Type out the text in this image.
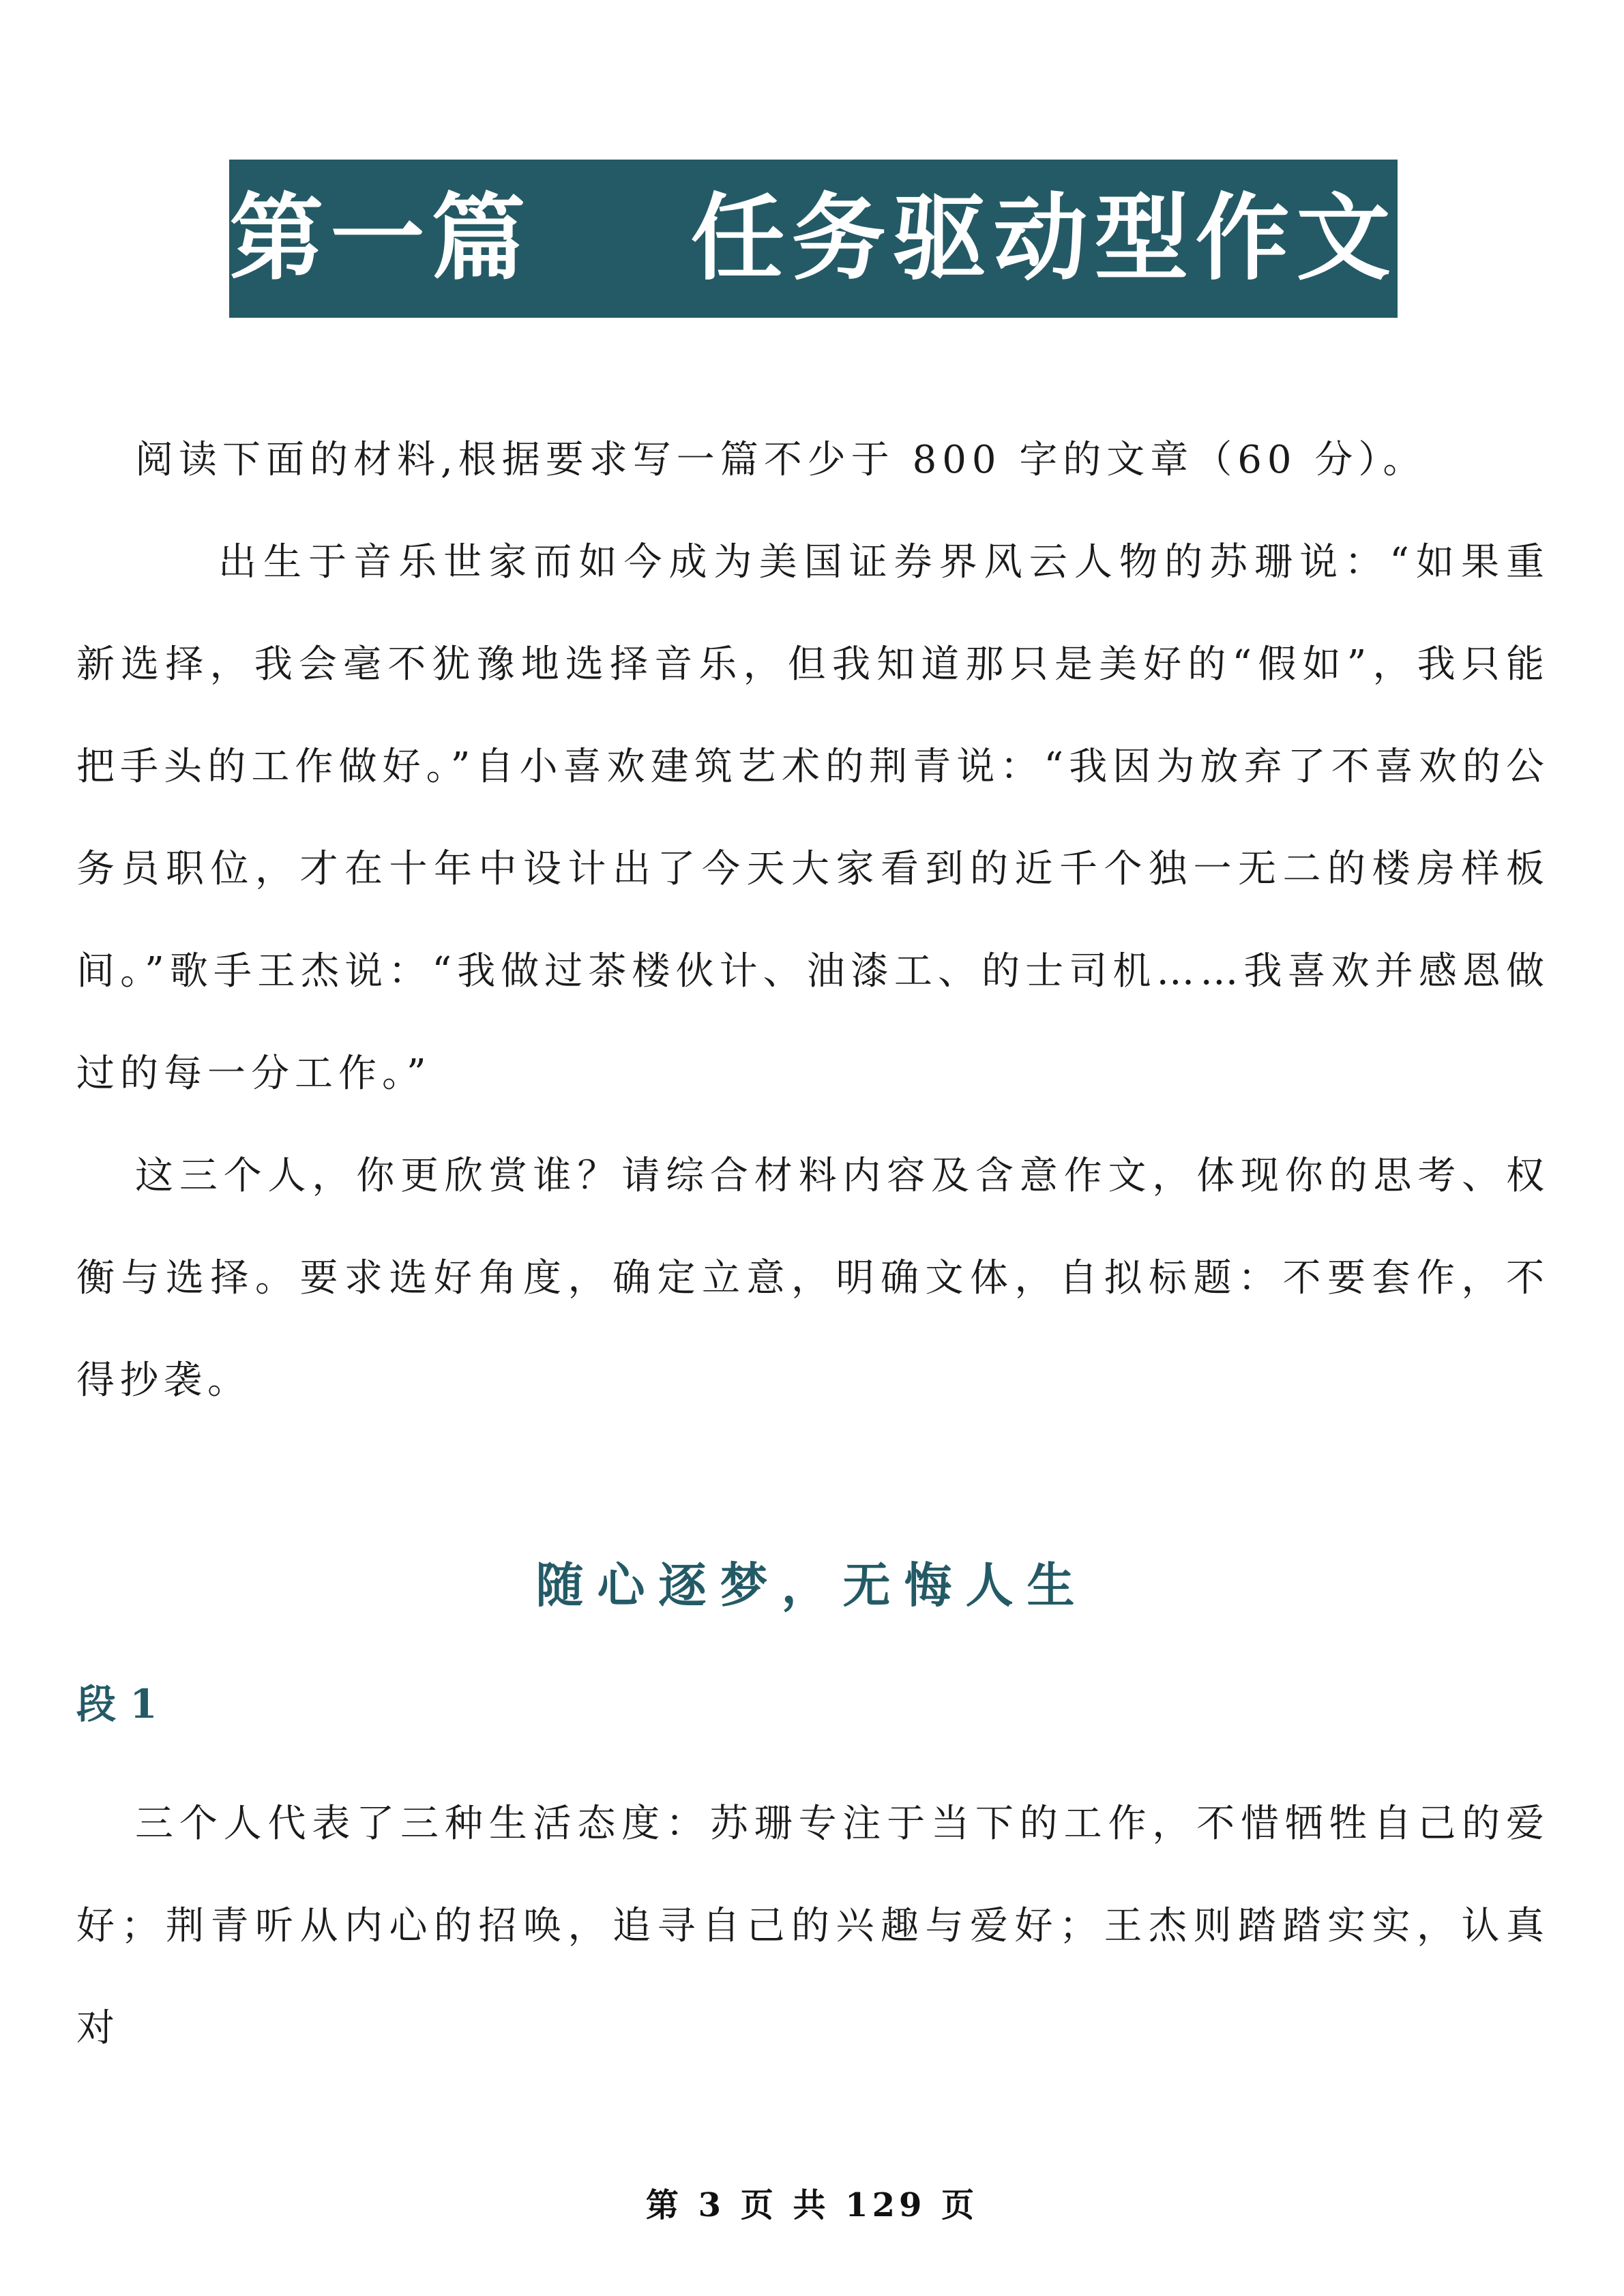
第一篇    任务驱动型作文

阅读下面的材料,根据要求写一篇不少于 800 字的文章（60 分）。

出生于音乐世家而如今成为美国证券界风云人物的苏珊说：“如果重新选择，我会毫不犹豫地选择音乐，但我知道那只是美好的“假如”，我只能把手头的工作做好。”自小喜欢建筑艺术的荆青说：“我因为放弃了不喜欢的公务员职位，才在十年中设计出了今天大家看到的近千个独一无二的楼房样板间。”歌手王杰说：“我做过茶楼伙计、油漆工、的士司机……我喜欢并感恩做过的每一分工作。”

这三个人，你更欣赏谁？请综合材料内容及含意作文，体现你的思考、权衡与选择。要求选好角度，确定立意，明确文体，自拟标题：不要套作，不得抄袭。

随心逐梦，无悔人生
段 1

三个人代表了三种生活态度：苏珊专注于当下的工作，不惜牺牲自己的爱好；荆青听从内心的招唤，追寻自己的兴趣与爱好；王杰则踏踏实实，认真对

第 3 页 共 129 页
